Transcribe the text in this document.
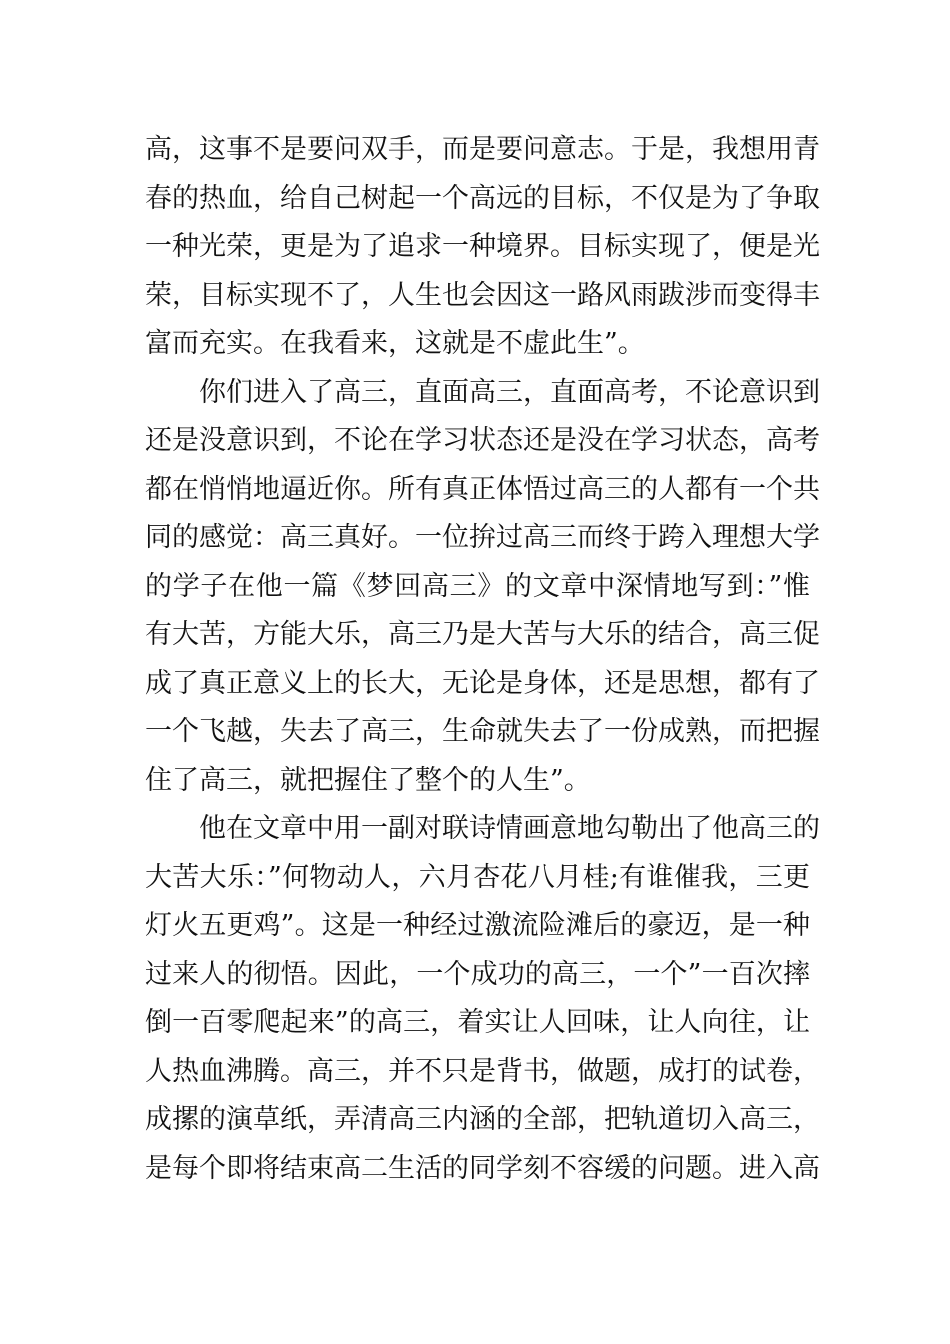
高，这事不是要问双手，而是要问意志。于是，我想用青
春的热血，给自己树起一个高远的目标，不仅是为了争取
一种光荣，更是为了追求一种境界。目标实现了，便是光
荣，目标实现不了，人生也会因这一路风雨跋涉而变得丰
富而充实。在我看来，这就是不虚此生”。
你们进入了高三，直面高三，直面高考，不论意识到
还是没意识到，不论在学习状态还是没在学习状态，高考
都在悄悄地逼近你。所有真正体悟过高三的人都有一个共
同的感觉：高三真好。一位拚过高三而终于跨入理想大学
的学子在他一篇《梦回高三》的文章中深情地写到：”惟
有大苦，方能大乐，高三乃是大苦与大乐的结合，高三促
成了真正意义上的长大，无论是身体，还是思想，都有了
一个飞越，失去了高三，生命就失去了一份成熟，而把握
住了高三，就把握住了整个的人生”。
他在文章中用一副对联诗情画意地勾勒出了他高三的
大苦大乐：”何物动人，六月杏花八月桂;有谁催我，三更
灯火五更鸡”。这是一种经过激流险滩后的豪迈，是一种
过来人的彻悟。因此，一个成功的高三，一个”一百次摔
倒一百零爬起来”的高三，着实让人回味，让人向往，让
人热血沸腾。高三，并不只是背书，做题，成打的试卷，
成摞的演草纸，弄清高三内涵的全部，把轨道切入高三，
是每个即将结束高二生活的同学刻不容缓的问题。进入高
